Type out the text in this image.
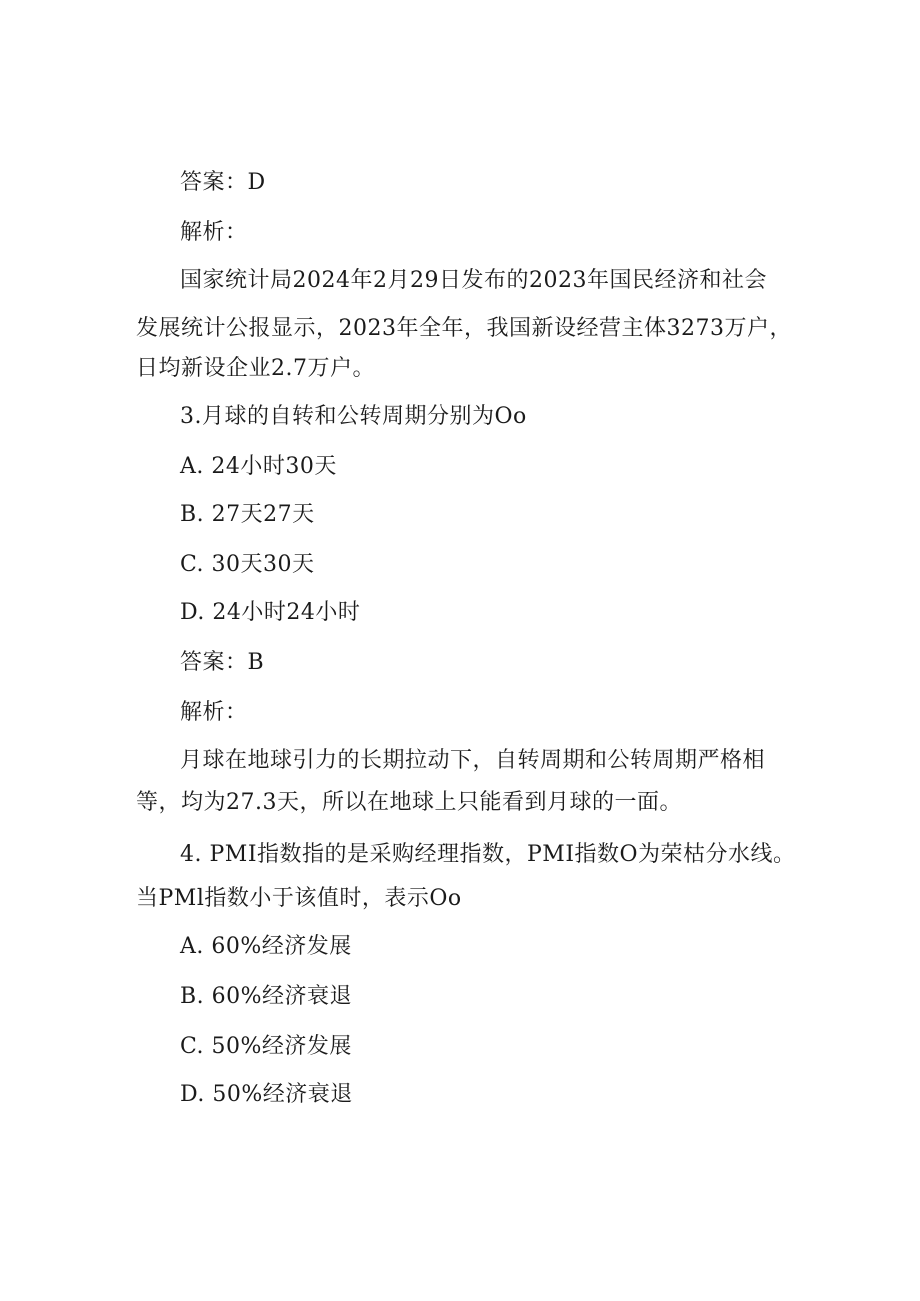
答案：D
解析：
国家统计局2024年2月29日发布的2023年国民经济和社会
发展统计公报显示，2023年全年，我国新设经营主体3273万户，
日均新设企业2.7万户。
3.月球的自转和公转周期分别为Oo
A. 24小时30天
B. 27天27天
C. 30天30天
D. 24小时24小时
答案：B
解析：
月球在地球引力的长期拉动下，自转周期和公转周期严格相
等，均为27.3天，所以在地球上只能看到月球的一面。
4. PMI指数指的是采购经理指数，PMI指数O为荣枯分水线。
当PMl指数小于该值时，表示Oo
A. 60%经济发展
B. 60%经济衰退
C. 50%经济发展
D. 50%经济衰退
